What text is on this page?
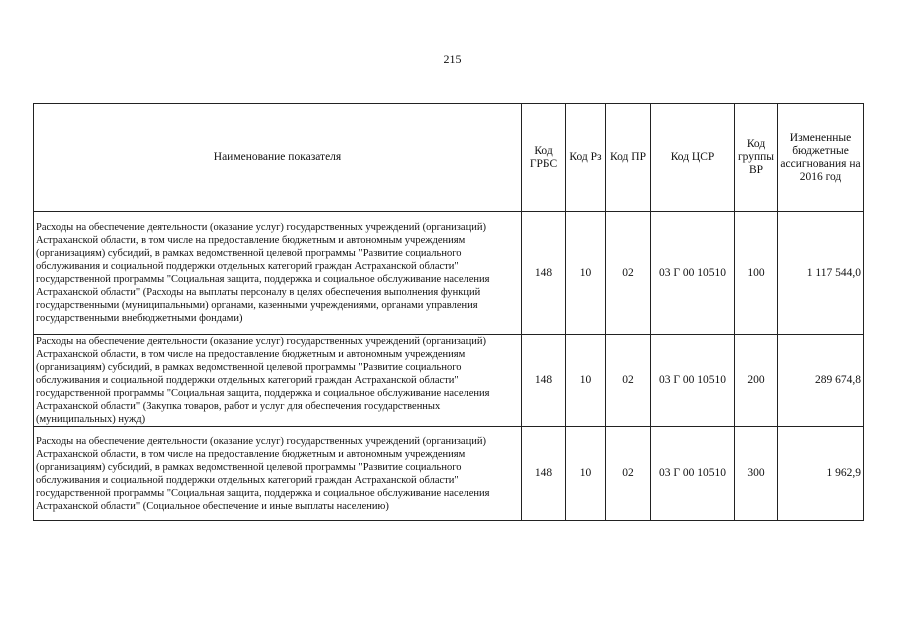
215
Наименование показателя	Код ГРБС	Код Рз	Код ПР	Код ЦСР	Код группы ВР	Измененные бюджетные ассигнования на 2016 год
Расходы на обеспечение деятельности (оказание услуг) государственных учреждений (организаций) Астраханской области, в том числе на предоставление бюджетным и автономным учреждениям (организациям) субсидий, в рамках ведомственной целевой программы "Развитие социального обслуживания и социальной поддержки отдельных категорий граждан Астраханской области" государственной программы "Социальная защита, поддержка и социальное обслуживание населения Астраханской области" (Расходы на выплаты персоналу в целях обеспечения выполнения функций государственными (муниципальными) органами, казенными учреждениями, органами управления государственными внебюджетными фондами)	148	10	02	03 Г 00 10510	100	1 117 544,0
Расходы на обеспечение деятельности (оказание услуг) государственных учреждений (организаций) Астраханской области, в том числе на предоставление бюджетным и автономным учреждениям (организациям) субсидий, в рамках ведомственной целевой программы "Развитие социального обслуживания и социальной поддержки отдельных категорий граждан Астраханской области" государственной программы "Социальная защита, поддержка и социальное обслуживание населения Астраханской области" (Закупка товаров, работ и услуг для обеспечения государственных (муниципальных) нужд)	148	10	02	03 Г 00 10510	200	289 674,8
Расходы на обеспечение деятельности (оказание услуг) государственных учреждений (организаций) Астраханской области, в том числе на предоставление бюджетным и автономным учреждениям (организациям) субсидий, в рамках ведомственной целевой программы "Развитие социального обслуживания и социальной поддержки отдельных категорий граждан Астраханской области" государственной программы "Социальная защита, поддержка и социальное обслуживание населения Астраханской области" (Социальное обеспечение и иные выплаты населению)	148	10	02	03 Г 00 10510	300	1 962,9
